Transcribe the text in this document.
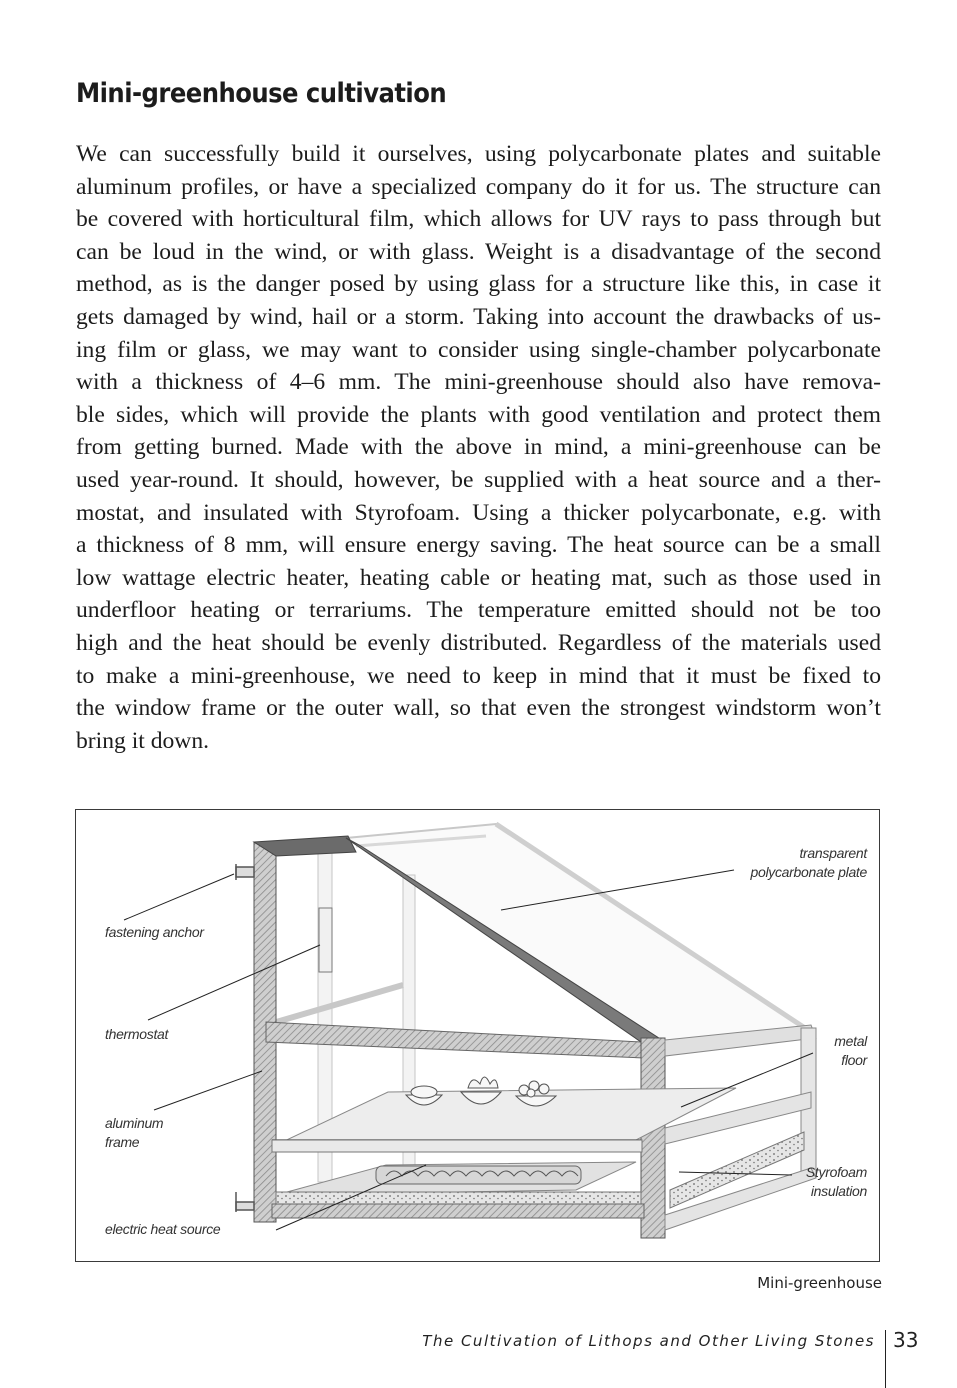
Mini-greenhouse cultivation
We can successfully build it ourselves, using polycarbonate plates and suitable
aluminum profiles, or have a specialized company do it for us. The structure can
be covered with horticultural film, which allows for UV rays to pass through but
can be loud in the wind, or with glass. Weight is a disadvantage of the second
method, as is the danger posed by using glass for a structure like this, in case it
gets damaged by wind, hail or a storm. Taking into account the drawbacks of us-
ing film or glass, we may want to consider using single-chamber polycarbonate
with a thickness of 4–6 mm. The mini-greenhouse should also have remova-
ble sides, which will provide the plants with good ventilation and protect them
from getting burned. Made with the above in mind, a mini-greenhouse can be
used year-round. It should, however, be supplied with a heat source and a ther-
mostat, and insulated with Styrofoam. Using a thicker polycarbonate, e.g. with
a thickness of 8 mm, will ensure energy saving. The heat source can be a small
low wattage electric heater, heating cable or heating mat, such as those used in
underfloor heating or terrariums. The temperature emitted should not be too
high and the heat should be evenly distributed. Regardless of the materials used
to make a mini-greenhouse, we need to keep in mind that it must be fixed to
the window frame or the outer wall, so that even the strongest windstorm won’t
bring it down.
fastening anchor
thermostat
aluminum
frame
electric heat source
transparent
polycarbonate plate
metal
floor
Styrofoam
insulation
Mini-greenhouse
The Cultivation of Lithops and Other Living Stones 33
